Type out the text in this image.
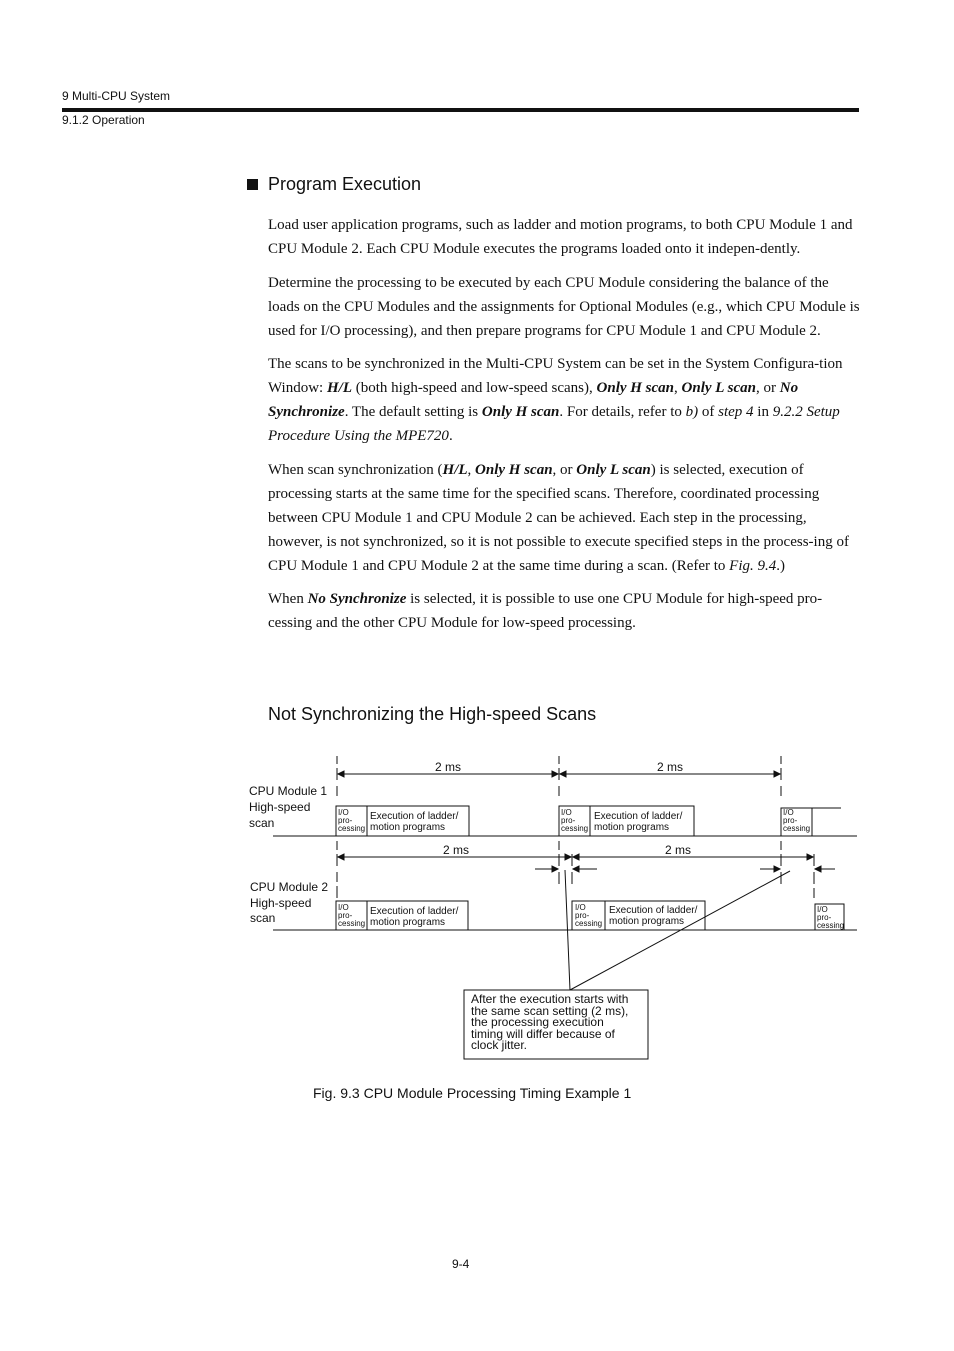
9 Multi-CPU System
9.1.2 Operation
Program Execution

Load user application programs, such as ladder and motion programs, to both CPU Module 1 and CPU Module 2. Each CPU Module executes the programs loaded onto it indepen-dently.

Determine the processing to be executed by each CPU Module considering the balance of the loads on the CPU Modules and the assignments for Optional Modules (e.g., which CPU Module is used for I/O processing), and then prepare programs for CPU Module 1 and CPU Module 2.

The scans to be synchronized in the Multi-CPU System can be set in the System Configura-tion Window: H/L (both high-speed and low-speed scans), Only H scan, Only L scan, or No Synchronize. The default setting is Only H scan. For details, refer to b) of step 4 in 9.2.2 Setup Procedure Using the MPE720.

When scan synchronization (H/L, Only H scan, or Only L scan) is selected, execution of processing starts at the same time for the specified scans. Therefore, coordinated processing between CPU Module 1 and CPU Module 2 can be achieved. Each step in the processing, however, is not synchronized, so it is not possible to execute specified steps in the process-ing of CPU Module 1 and CPU Module 2 at the same time during a scan. (Refer to Fig. 9.4.)

When No Synchronize is selected, it is possible to use one CPU Module for high-speed pro-cessing and the other CPU Module for low-speed processing.

Not Synchronizing the High-speed Scans
2 ms	2 ms
CPU Module 1
High-speed
scan
I/O
pro-
cessing
I/O
pro-
cessing
I/O
pro-
cessing
Execution of ladder/
motion programs
Execution of ladder/
motion programs
2 ms	2 ms
CPU Module 2
High-speed
scan
I/O
pro-
cessing
I/O
pro-
cessing
I/O
pro-
cessing
Execution of ladder/
motion programs
Execution of ladder/
motion programs
After the execution starts with
the same scan setting (2 ms),
the processing execution
timing will differ because of
clock jitter.
Fig. 9.3 CPU Module Processing Timing Example 1
9-4
